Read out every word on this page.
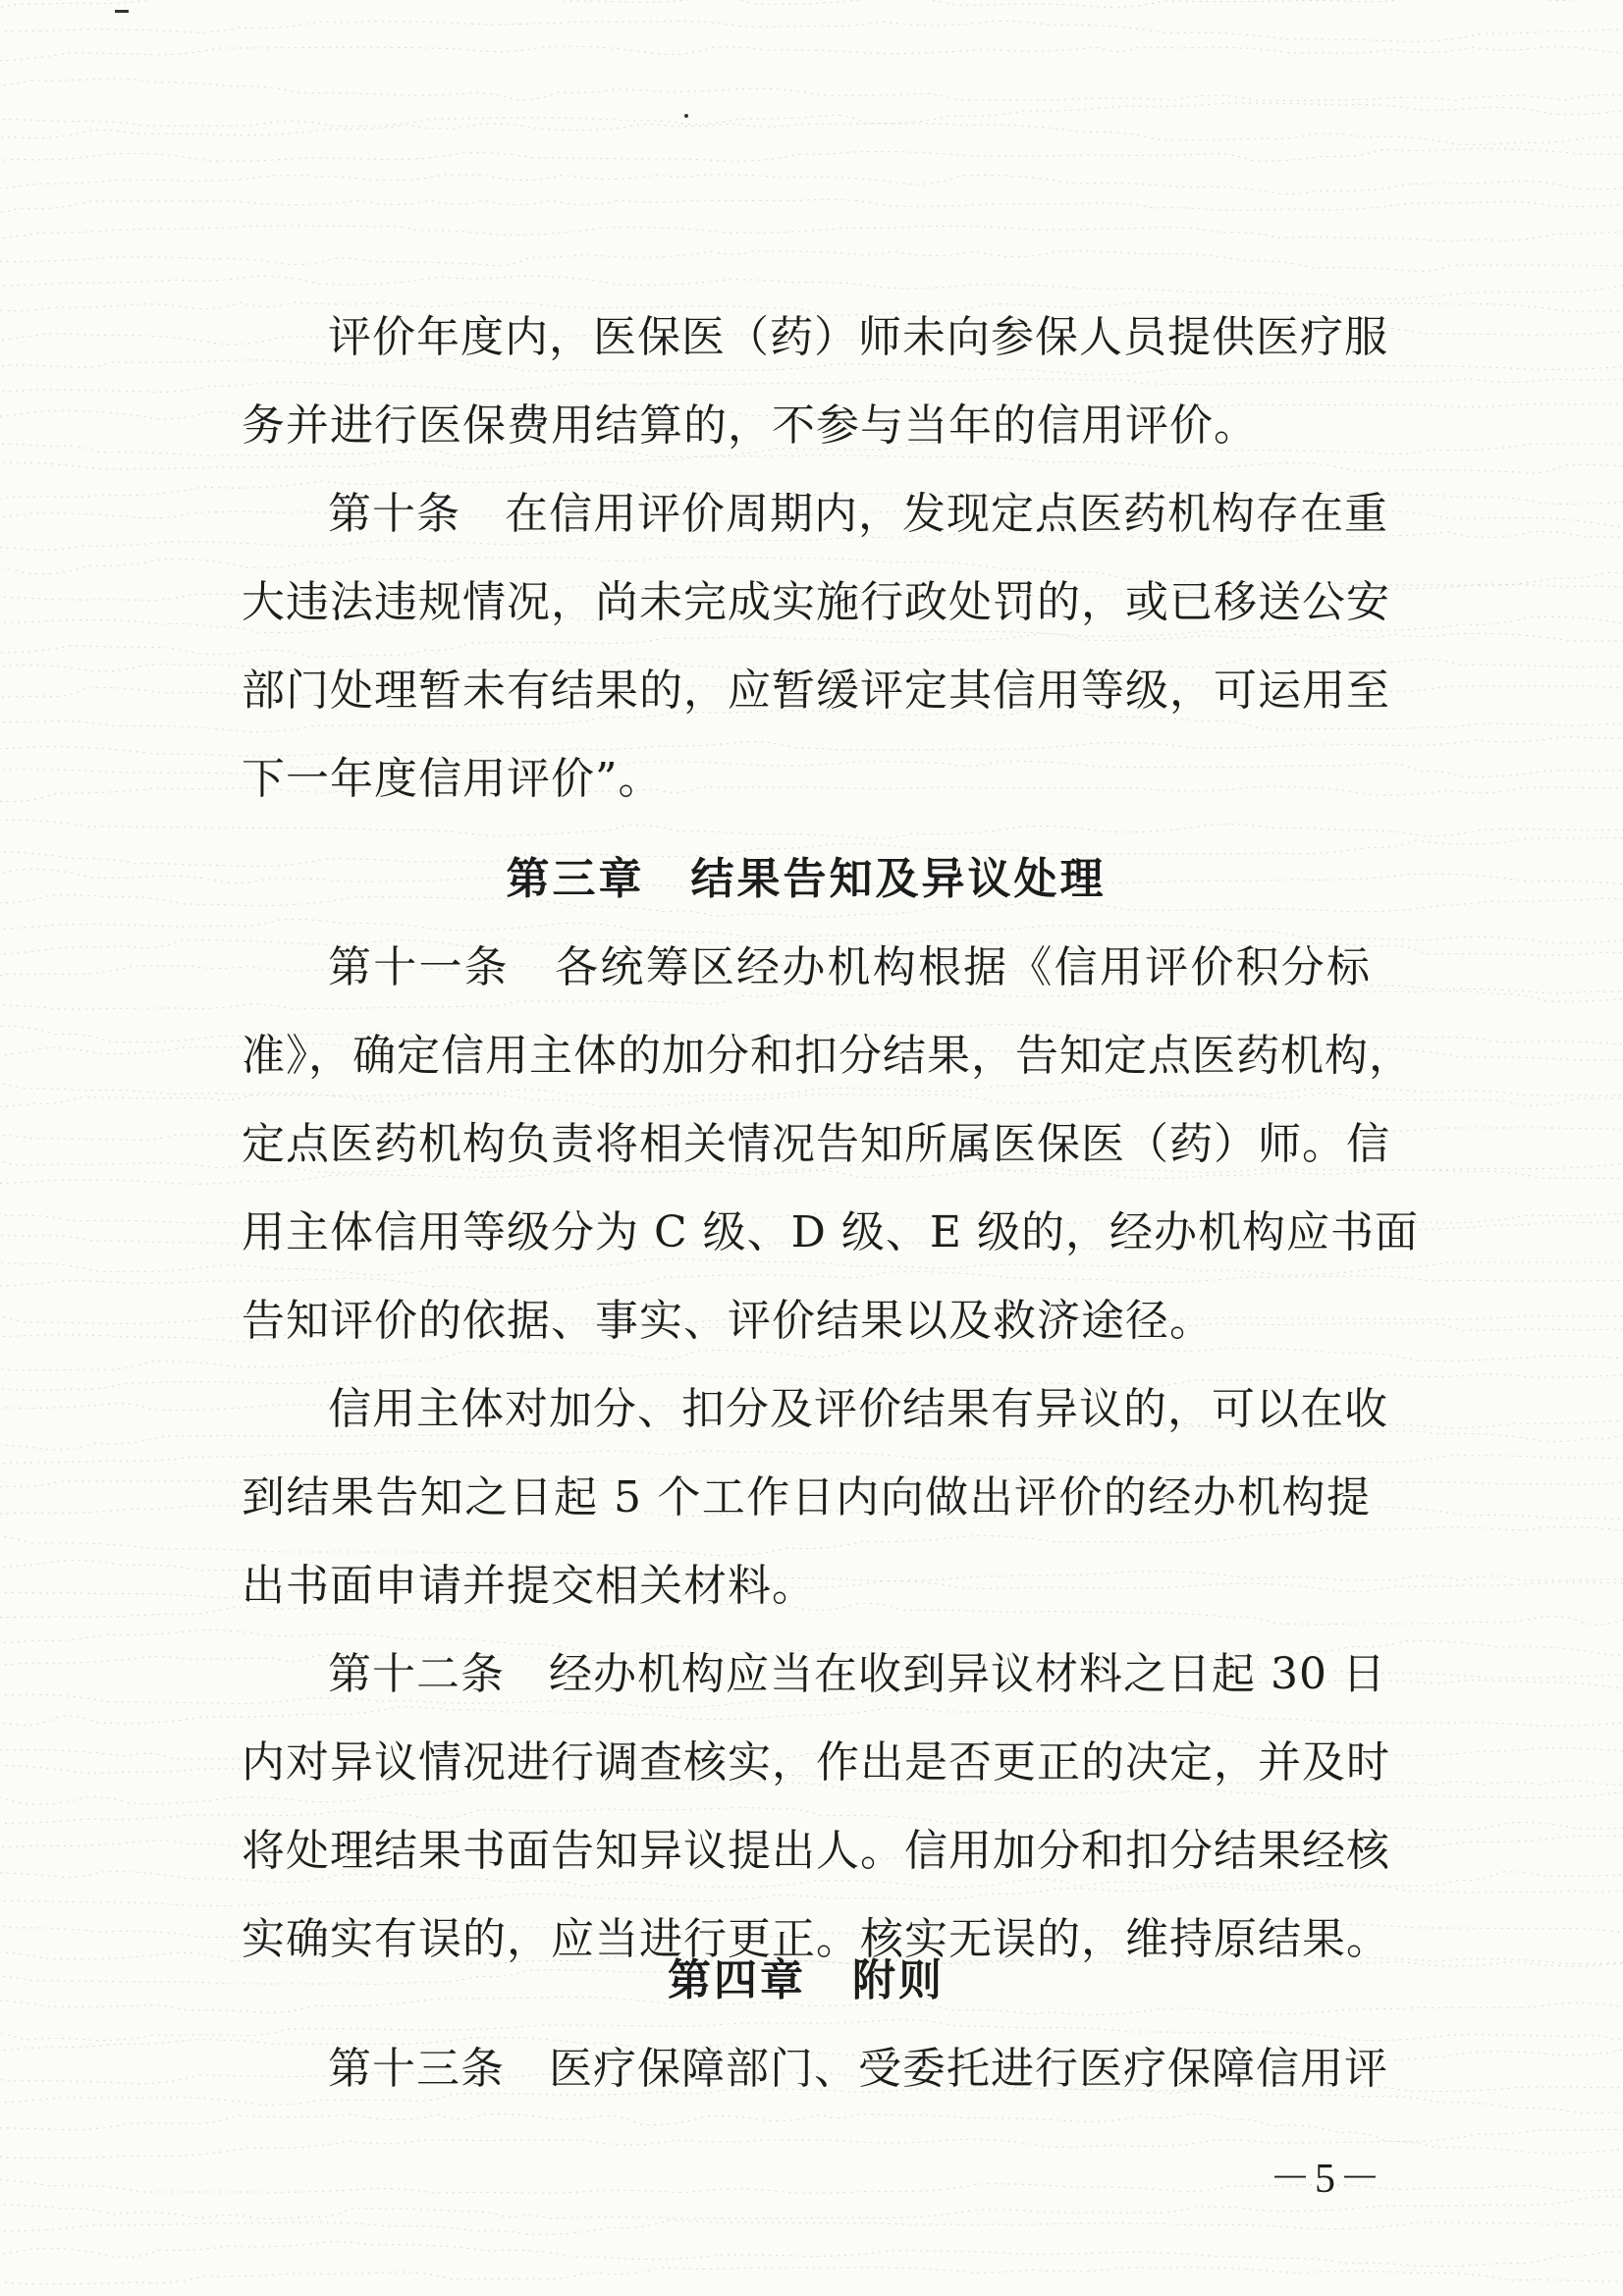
评价年度内，医保医（药）师未向参保人员提供医疗服
务并进行医保费用结算的，不参与当年的信用评价。
第十条　在信用评价周期内，发现定点医药机构存在重
大违法违规情况，尚未完成实施行政处罚的，或已移送公安
部门处理暂未有结果的，应暂缓评定其信用等级，可运用至
下一年度信用评价”。
第三章　结果告知及异议处理
第十一条　各统筹区经办机构根据《信用评价积分标
准》，确定信用主体的加分和扣分结果，告知定点医药机构，
定点医药机构负责将相关情况告知所属医保医（药）师。信
用主体信用等级分为 C 级、D 级、E 级的，经办机构应书面
告知评价的依据、事实、评价结果以及救济途径。
信用主体对加分、扣分及评价结果有异议的，可以在收
到结果告知之日起 5 个工作日内向做出评价的经办机构提
出书面申请并提交相关材料。
第十二条　经办机构应当在收到异议材料之日起 30 日
内对异议情况进行调查核实，作出是否更正的决定，并及时
将处理结果书面告知异议提出人。信用加分和扣分结果经核
实确实有误的，应当进行更正。核实无误的，维持原结果。
第四章　附则
第十三条　医疗保障部门、受委托进行医疗保障信用评
－5－
